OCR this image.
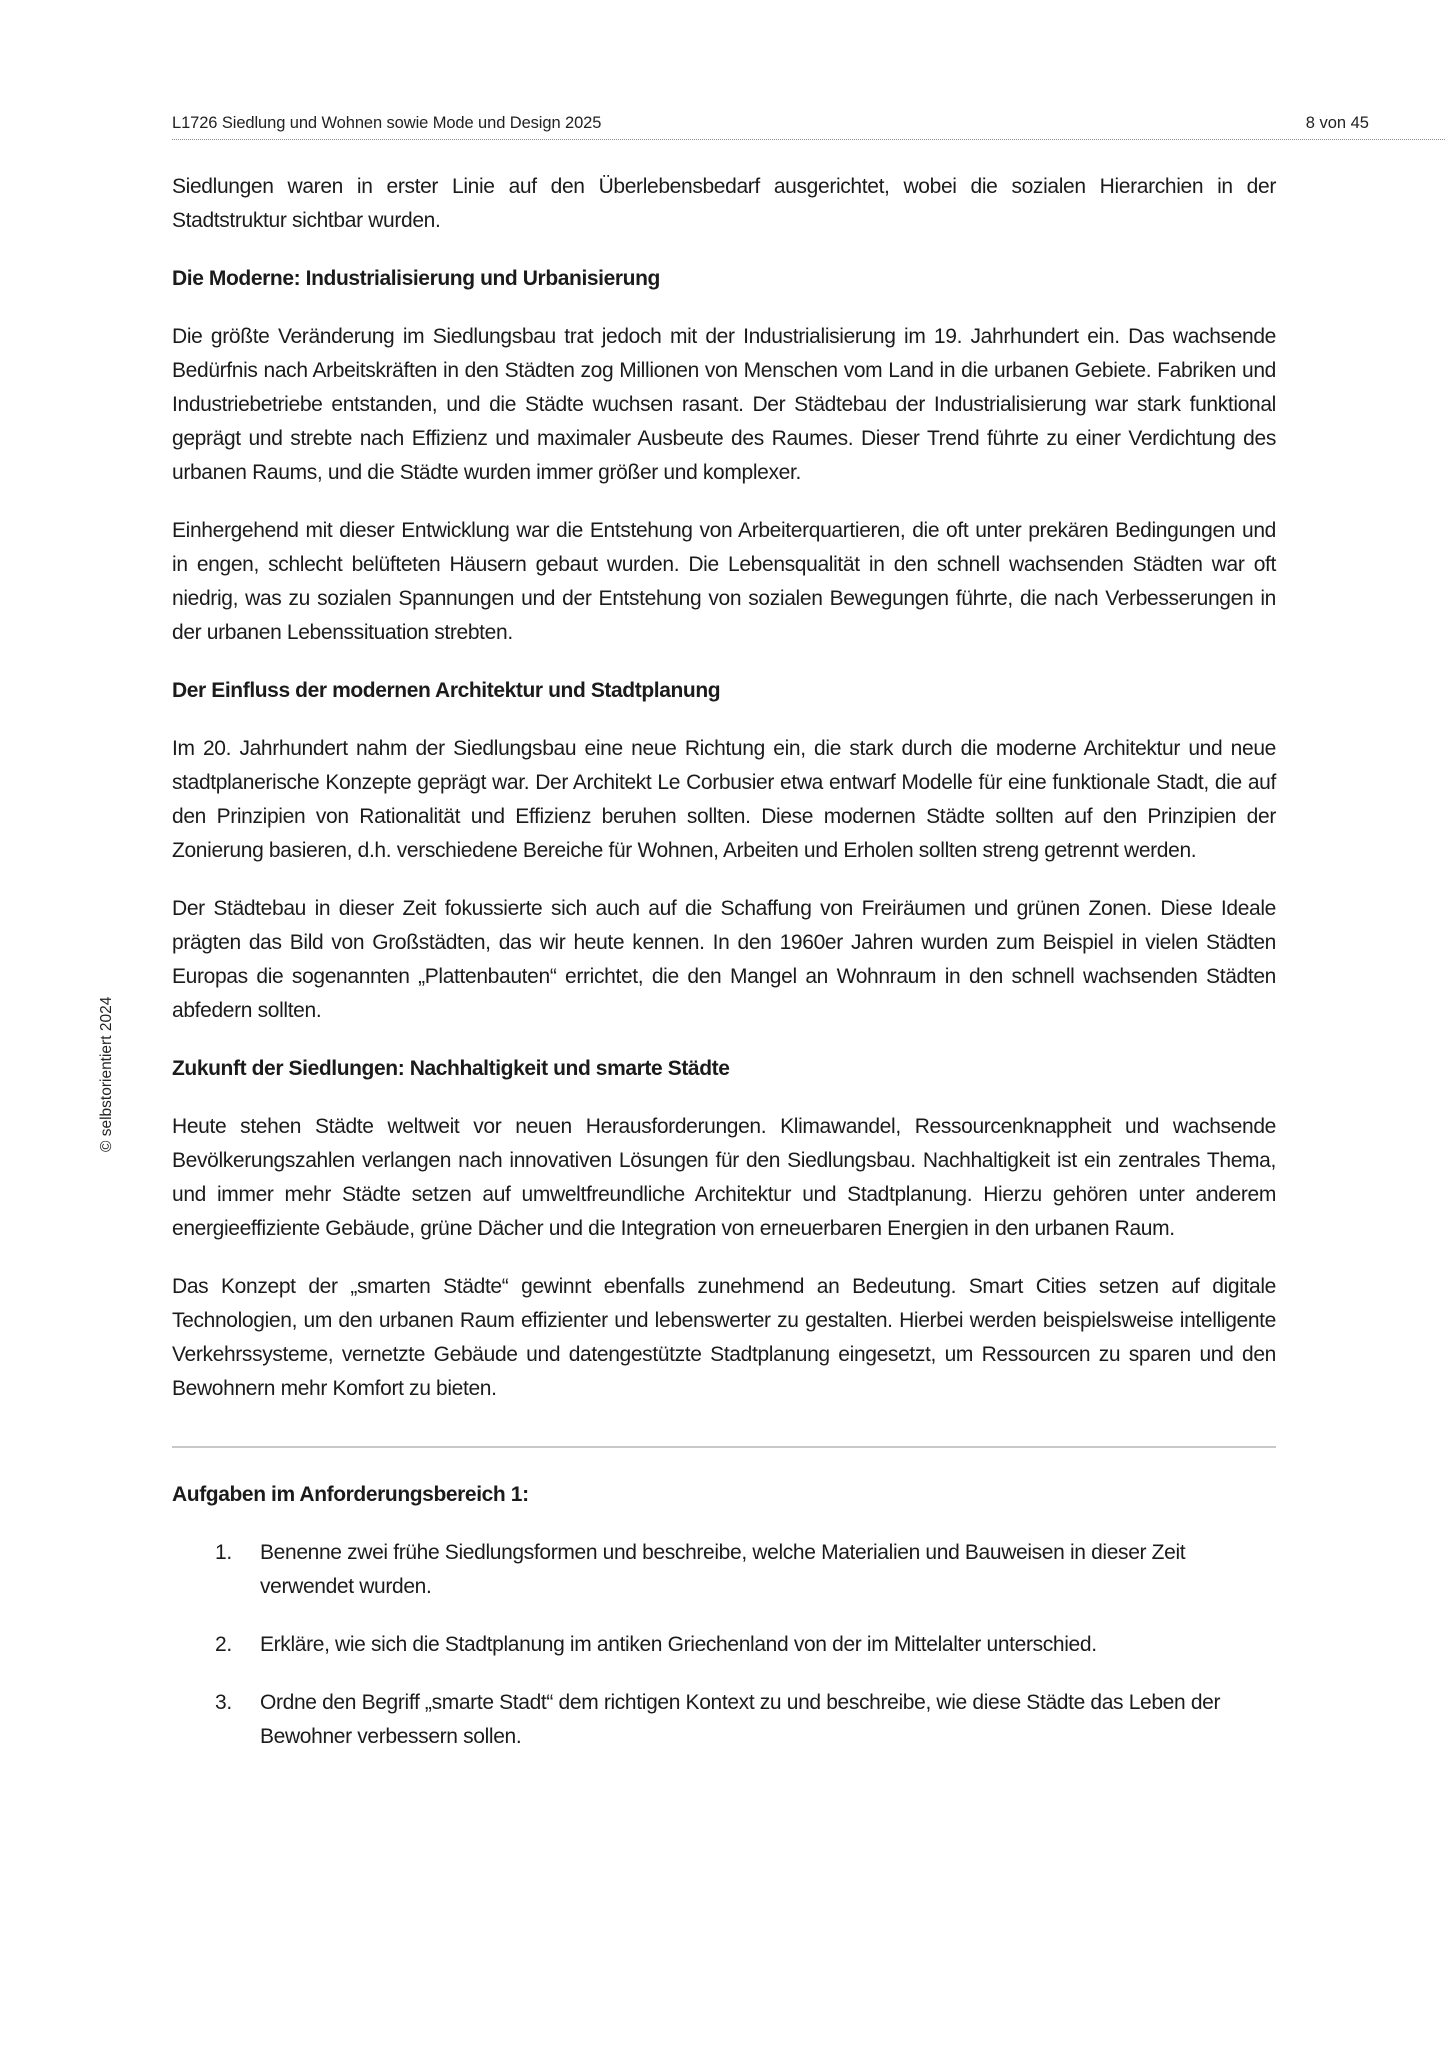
L1726 Siedlung und Wohnen sowie Mode und Design 2025	8 von 45
© selbstorientiert 2024

Siedlungen waren in erster Linie auf den Überlebensbedarf ausgerichtet, wobei die sozialen Hierarchien in der Stadtstruktur sichtbar wurden.

Die Moderne: Industrialisierung und Urbanisierung

Die größte Veränderung im Siedlungsbau trat jedoch mit der Industrialisierung im 19. Jahrhundert ein. Das wachsende Bedürfnis nach Arbeitskräften in den Städten zog Millionen von Menschen vom Land in die urbanen Gebiete. Fabriken und Industriebetriebe entstanden, und die Städte wuchsen rasant. Der Städtebau der Industrialisierung war stark funktional geprägt und strebte nach Effizienz und maximaler Ausbeute des Raumes. Dieser Trend führte zu einer Verdichtung des urbanen Raums, und die Städte wurden immer größer und komplexer.

Einhergehend mit dieser Entwicklung war die Entstehung von Arbeiterquartieren, die oft unter prekären Bedingungen und in engen, schlecht belüfteten Häusern gebaut wurden. Die Lebensqualität in den schnell wachsenden Städten war oft niedrig, was zu sozialen Spannungen und der Entstehung von sozialen Bewegungen führte, die nach Verbesserungen in der urbanen Lebenssituation strebten.

Der Einfluss der modernen Architektur und Stadtplanung

Im 20. Jahrhundert nahm der Siedlungsbau eine neue Richtung ein, die stark durch die moderne Architektur und neue stadtplanerische Konzepte geprägt war. Der Architekt Le Corbusier etwa entwarf Modelle für eine funktionale Stadt, die auf den Prinzipien von Rationalität und Effizienz beruhen sollten. Diese modernen Städte sollten auf den Prinzipien der Zonierung basieren, d.h. verschiedene Bereiche für Wohnen, Arbeiten und Erholen sollten streng getrennt werden.

Der Städtebau in dieser Zeit fokussierte sich auch auf die Schaffung von Freiräumen und grünen Zonen. Diese Ideale prägten das Bild von Großstädten, das wir heute kennen. In den 1960er Jahren wurden zum Beispiel in vielen Städten Europas die sogenannten „Plattenbauten“ errichtet, die den Mangel an Wohnraum in den schnell wachsenden Städten abfedern sollten.

Zukunft der Siedlungen: Nachhaltigkeit und smarte Städte

Heute stehen Städte weltweit vor neuen Herausforderungen. Klimawandel, Ressourcenknappheit und wachsende Bevölkerungszahlen verlangen nach innovativen Lösungen für den Siedlungsbau. Nachhaltigkeit ist ein zentrales Thema, und immer mehr Städte setzen auf umweltfreundliche Architektur und Stadtplanung. Hierzu gehören unter anderem energieeffiziente Gebäude, grüne Dächer und die Integration von erneuerbaren Energien in den urbanen Raum.

Das Konzept der „smarten Städte“ gewinnt ebenfalls zunehmend an Bedeutung. Smart Cities setzen auf digitale Technologien, um den urbanen Raum effizienter und lebenswerter zu gestalten. Hierbei werden beispielsweise intelligente Verkehrssysteme, vernetzte Gebäude und datengestützte Stadtplanung eingesetzt, um Ressourcen zu sparen und den Bewohnern mehr Komfort zu bieten.

Aufgaben im Anforderungsbereich 1:
1. Benenne zwei frühe Siedlungsformen und beschreibe, welche Materialien und Bauweisen in dieser Zeit verwendet wurden.
2. Erkläre, wie sich die Stadtplanung im antiken Griechenland von der im Mittelalter unterschied.
3. Ordne den Begriff „smarte Stadt“ dem richtigen Kontext zu und beschreibe, wie diese Städte das Leben der Bewohner verbessern sollen.
